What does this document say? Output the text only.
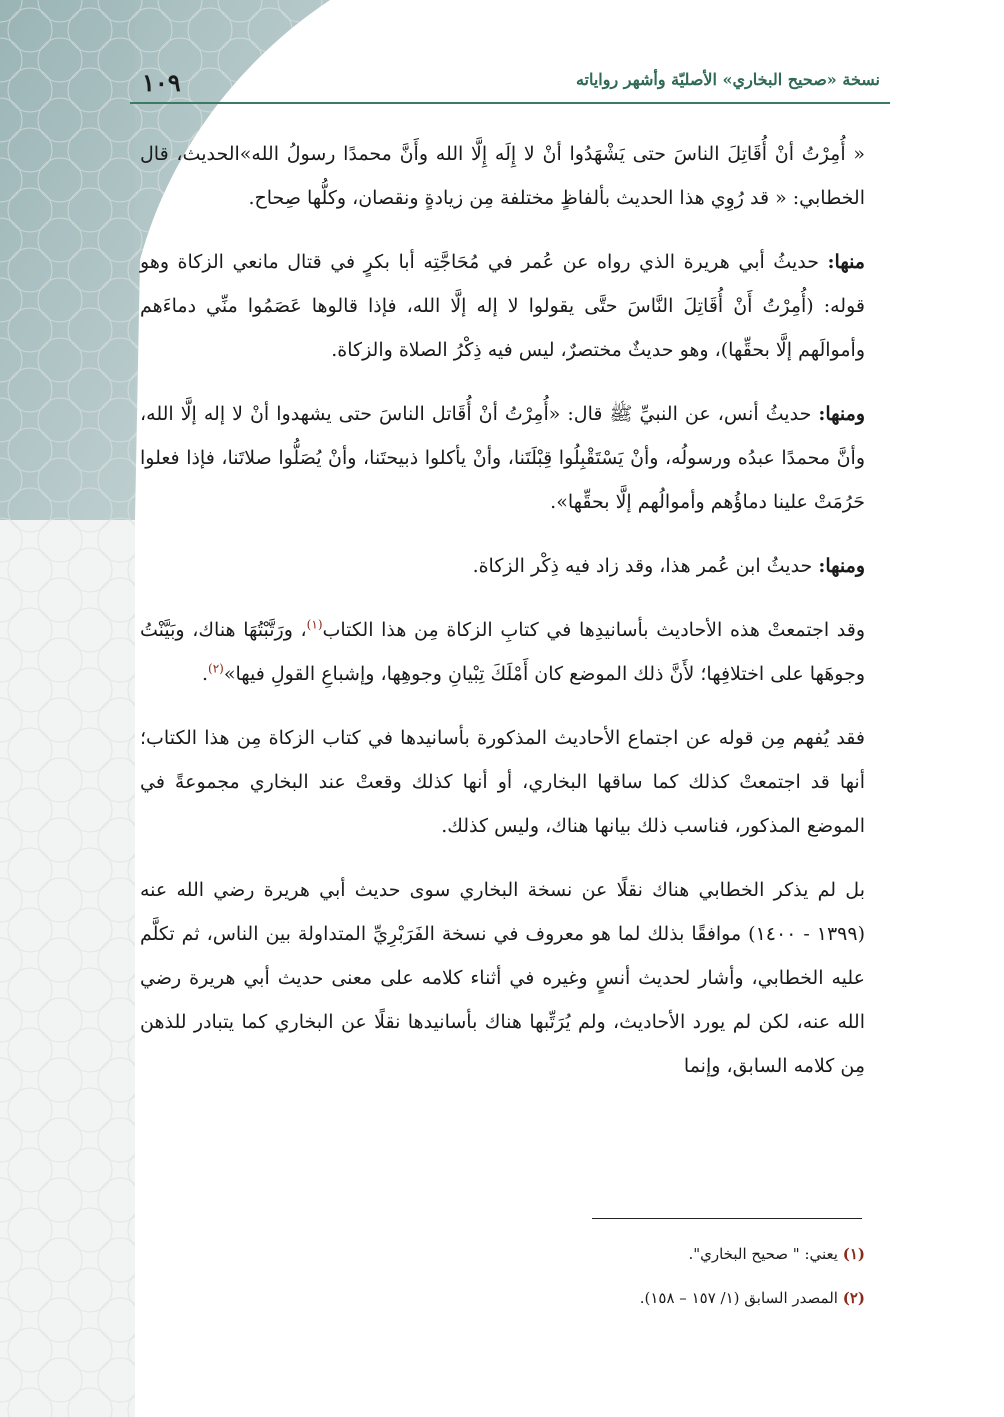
١٠٩	نسخة «صحيح البخاري» الأصليّة وأشهر رواياته

« أُمِرْتُ أنْ أُقَاتِلَ الناسَ حتى يَشْهَدُوا أنْ لا إِلَه إِلَّا الله وأَنَّ محمدًا رسولُ الله»الحديث، قال الخطابي: « قد رُوِي هذا الحديث بألفاظٍ مختلفة مِن زيادةٍ ونقصان، وكلُّها صِحاح.

منها: حديثُ أبي هريرة الذي رواه عن عُمر في مُحَاجَّتِه أبا بكرٍ في قتال مانعي الزكاة وهو قوله: (أُمِرْتُ أَنْ أُقَاتِلَ النَّاسَ حتَّى يقولوا لا إله إلَّا الله، فإذا قالوها عَصَمُوا منِّي دماءَهم وأموالَهم إلَّا بحقِّها)، وهو حديثٌ مختصرٌ، ليس فيه ذِكْرُ الصلاة والزكاة.

ومنها: حديثُ أنس، عن النبيِّ ﷺ قال: «أُمِرْتُ أنْ أُقَاتل الناسَ حتى يشهدوا أنْ لا إله إلَّا الله، وأنَّ محمدًا عبدُه ورسولُه، وأنْ يَسْتَقْبِلُوا قِبْلَتَنا، وأنْ يأكلوا ذبيحتَنا، وأنْ يُصَلُّوا صلاتَنا، فإذا فعلوا حَرُمَتْ علينا دماؤُهم وأموالُهم إلَّا بحقِّها».

ومنها: حديثُ ابن عُمر هذا، وقد زاد فيه ذِكْر الزكاة.

وقد اجتمعتْ هذه الأحاديث بأسانيدِها في كتابِ الزكاة مِن هذا الكتاب$^{(١)}$، ورَتَّبْتُهَا هناك، وبَيَّنْتُ وجوهَها على اختلافِها؛ لأَنَّ ذلك الموضع كان أَمْلَكَ تِبْيانِ وجوهِها، وإشباعِ القولِ فيها»$^{(٢)}$.

فقد يُفهم مِن قوله عن اجتماع الأحاديث المذكورة بأسانيدها في كتاب الزكاة مِن هذا الكتاب؛ أنها قد اجتمعتْ كذلك كما ساقها البخاري، أو أنها كذلك وقعتْ عند البخاري مجموعةً في الموضع المذكور، فناسب ذلك بيانها هناك، وليس كذلك.

بل لم يذكر الخطابي هناك نقلًا عن نسخة البخاري سوى حديث أبي هريرة رضي الله عنه (١٣٩٩ - ١٤٠٠) موافقًا بذلك لما هو معروف في نسخة الفَرَبْرِيِّ المتداولة بين الناس، ثم تكلَّم عليه الخطابي، وأشار لحديث أنسٍ وغيره في أثناء كلامه على معنى حديث أبي هريرة رضي الله عنه، لكن لم يورد الأحاديث، ولم يُرَتِّبها هناك بأسانيدها نقلًا عن البخاري كما يتبادر للذهن مِن كلامه السابق، وإنما

(١) يعني: " صحيح البخاري".
(٢) المصدر السابق (١/ ١٥٧ – ١٥٨).
